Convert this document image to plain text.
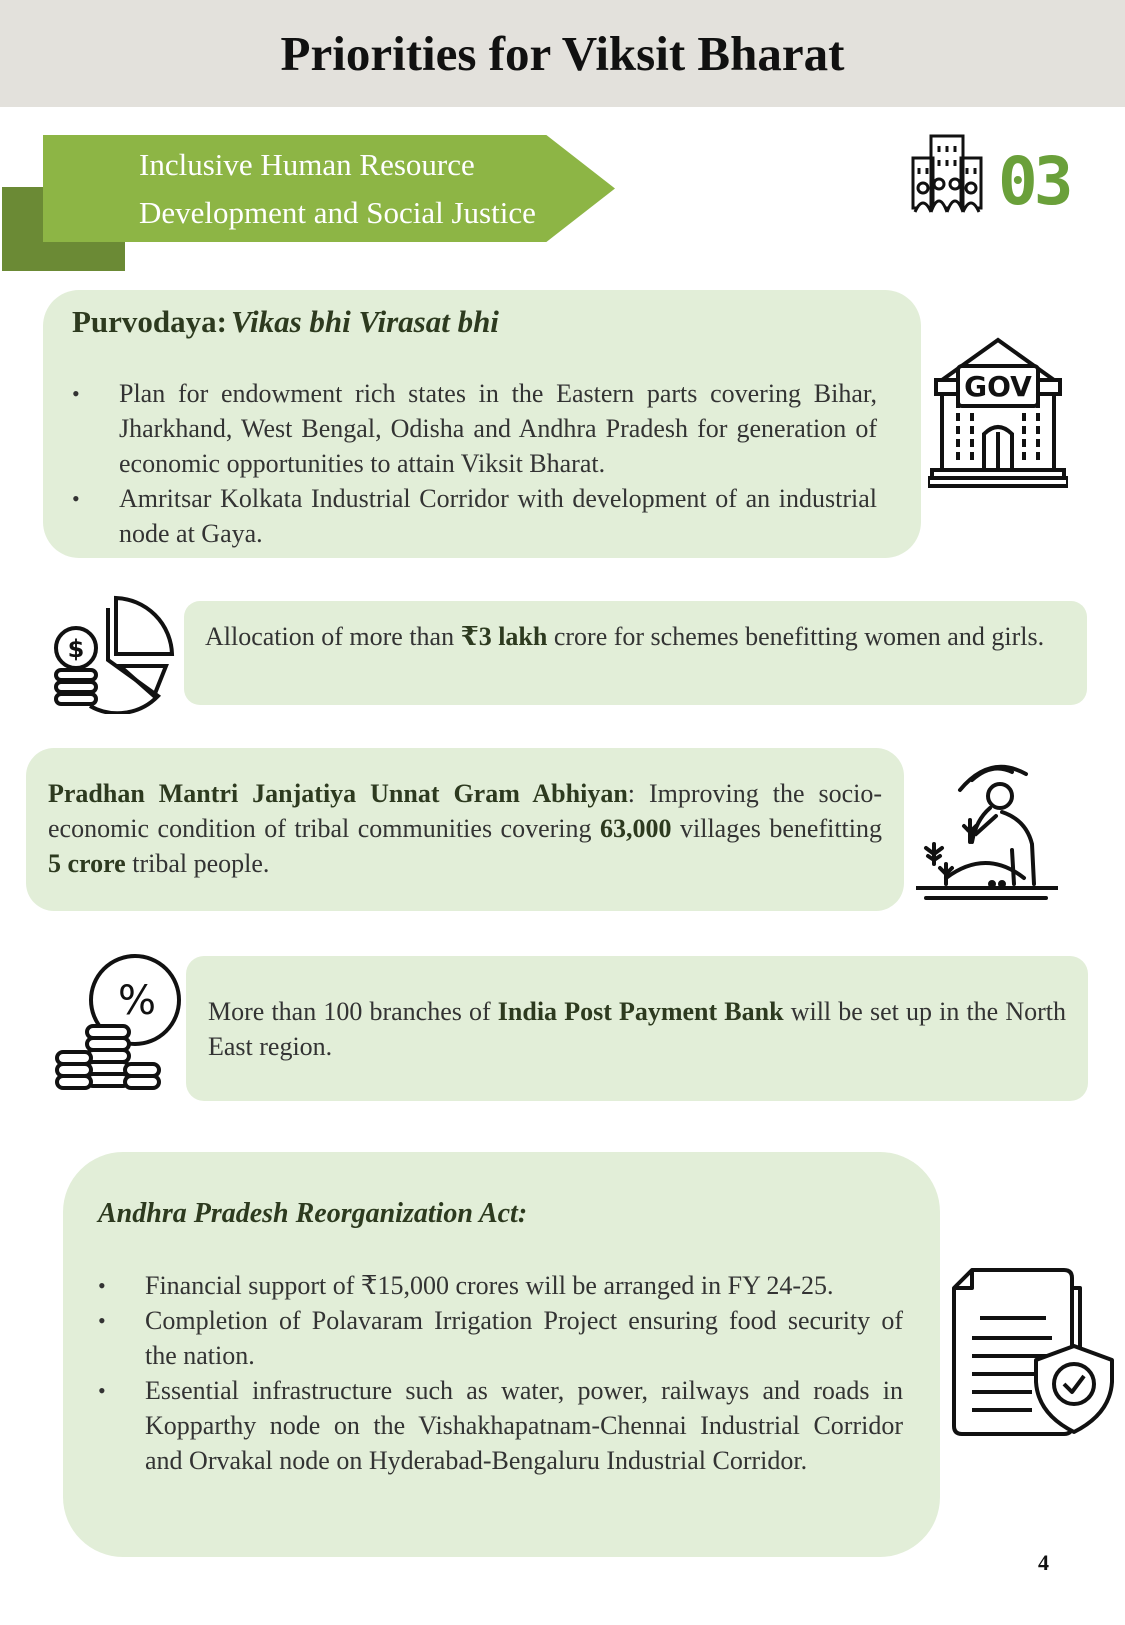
Priorities for Viksit Bharat
Inclusive Human Resource
Development and Social Justice	03
Purvodaya: Vikas bhi Virasat bhi
• Plan for endowment rich states in the Eastern parts covering Bihar, Jharkhand, West Bengal, Odisha and Andhra Pradesh for generation of economic opportunities to attain Viksit Bharat.
• Amritsar Kolkata Industrial Corridor with development of an industrial node at Gaya.
GOV
$	Allocation of more than ₹3 lakh crore for schemes benefitting women and girls.

Pradhan Mantri Janjatiya Unnat Gram Abhiyan: Improving the socio-economic condition of tribal communities covering 63,000 villages benefitting 5 crore tribal people.

% More than 100 branches of India Post Payment Bank will be set up in the North East region.

Andhra Pradesh Reorganization Act:
• Financial support of ₹15,000 crores will be arranged in FY 24-25.
• Completion of Polavaram Irrigation Project ensuring food security of the nation.
• Essential infrastructure such as water, power, railways and roads in Kopparthy node on the Vishakhapatnam-Chennai Industrial Corridor and Orvakal node on Hyderabad-Bengaluru Industrial Corridor.
4
